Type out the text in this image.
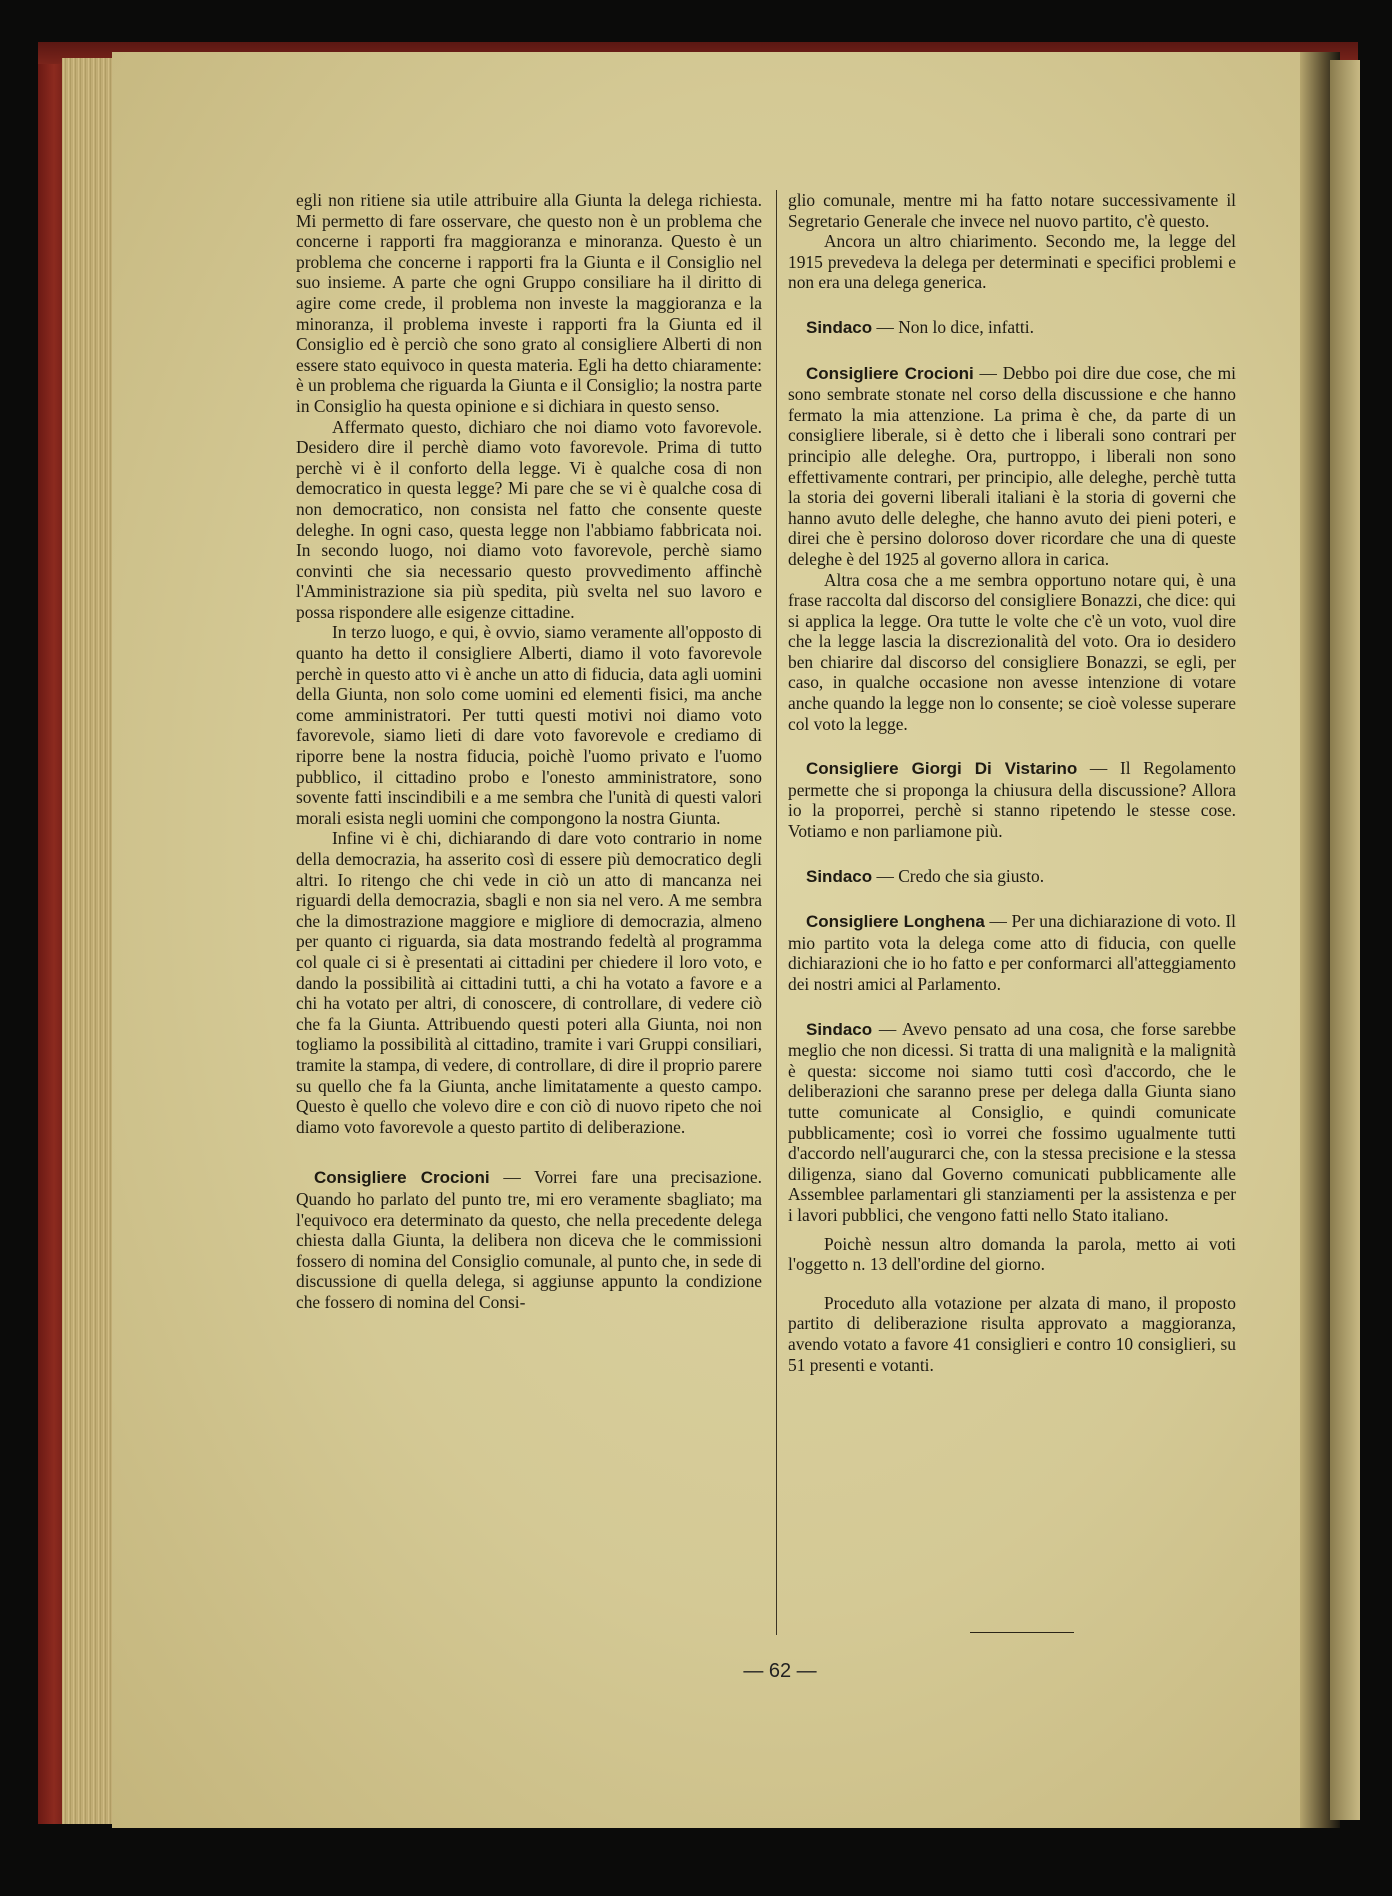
egli non ritiene sia utile attribuire alla Giunta la delega richiesta. Mi permetto di fare osservare, che questo non è un problema che concerne i rapporti fra maggioranza e minoranza. Questo è un problema che concerne i rapporti fra la Giunta e il Consiglio nel suo insieme. A parte che ogni Gruppo consiliare ha il diritto di agire come crede, il problema non investe la maggioranza e la minoranza, il problema investe i rapporti fra la Giunta ed il Consiglio ed è perciò che sono grato al consigliere Alberti di non essere stato equivoco in questa materia. Egli ha detto chiaramente: è un problema che riguarda la Giunta e il Consiglio; la nostra parte in Consiglio ha questa opinione e si dichiara in questo senso.

Affermato questo, dichiaro che noi diamo voto favorevole. Desidero dire il perchè diamo voto favorevole. Prima di tutto perchè vi è il conforto della legge. Vi è qualche cosa di non democratico in questa legge? Mi pare che se vi è qualche cosa di non democratico, non consista nel fatto che consente queste deleghe. In ogni caso, questa legge non l'abbiamo fabbricata noi. In secondo luogo, noi diamo voto favorevole, perchè siamo convinti che sia necessario questo provvedimento affinchè l'Amministrazione sia più spedita, più svelta nel suo lavoro e possa rispondere alle esigenze cittadine.

In terzo luogo, e qui, è ovvio, siamo veramente all'opposto di quanto ha detto il consigliere Alberti, diamo il voto favorevole perchè in questo atto vi è anche un atto di fiducia, data agli uomini della Giunta, non solo come uomini ed elementi fisici, ma anche come amministratori. Per tutti questi motivi noi diamo voto favorevole, siamo lieti di dare voto favorevole e crediamo di riporre bene la nostra fiducia, poichè l'uomo privato e l'uomo pubblico, il cittadino probo e l'onesto amministratore, sono sovente fatti inscindibili e a me sembra che l'unità di questi valori morali esista negli uomini che compongono la nostra Giunta.

Infine vi è chi, dichiarando di dare voto contrario in nome della democrazia, ha asserito così di essere più democratico degli altri. Io ritengo che chi vede in ciò un atto di mancanza nei riguardi della democrazia, sbagli e non sia nel vero. A me sembra che la dimostrazione maggiore e migliore di democrazia, almeno per quanto ci riguarda, sia data mostrando fedeltà al programma col quale ci si è presentati ai cittadini per chiedere il loro voto, e dando la possibilità ai cittadini tutti, a chi ha votato a favore e a chi ha votato per altri, di conoscere, di controllare, di vedere ciò che fa la Giunta. Attribuendo questi poteri alla Giunta, noi non togliamo la possibilità al cittadino, tramite i vari Gruppi consiliari, tramite la stampa, di vedere, di controllare, di dire il proprio parere su quello che fa la Giunta, anche limitatamente a questo campo. Questo è quello che volevo dire e con ciò di nuovo ripeto che noi diamo voto favorevole a questo partito di deliberazione.

Consigliere Crocioni — Vorrei fare una precisazione. Quando ho parlato del punto tre, mi ero veramente sbagliato; ma l'equivoco era determinato da questo, che nella precedente delega chiesta dalla Giunta, la delibera non diceva che le commissioni fossero di nomina del Consiglio comunale, al punto che, in sede di discussione di quella delega, si aggiunse appunto la condizione che fossero di nomina del Consi-

glio comunale, mentre mi ha fatto notare successivamente il Segretario Generale che invece nel nuovo partito, c'è questo.

Ancora un altro chiarimento. Secondo me, la legge del 1915 prevedeva la delega per determinati e specifici problemi e non era una delega generica.

Sindaco — Non lo dice, infatti.

Consigliere Crocioni — Debbo poi dire due cose, che mi sono sembrate stonate nel corso della discussione e che hanno fermato la mia attenzione. La prima è che, da parte di un consigliere liberale, si è detto che i liberali sono contrari per principio alle deleghe. Ora, purtroppo, i liberali non sono effettivamente contrari, per principio, alle deleghe, perchè tutta la storia dei governi liberali italiani è la storia di governi che hanno avuto delle deleghe, che hanno avuto dei pieni poteri, e direi che è persino doloroso dover ricordare che una di queste deleghe è del 1925 al governo allora in carica.

Altra cosa che a me sembra opportuno notare qui, è una frase raccolta dal discorso del consigliere Bonazzi, che dice: qui si applica la legge. Ora tutte le volte che c'è un voto, vuol dire che la legge lascia la discrezionalità del voto. Ora io desidero ben chiarire dal discorso del consigliere Bonazzi, se egli, per caso, in qualche occasione non avesse intenzione di votare anche quando la legge non lo consente; se cioè volesse superare col voto la legge.

Consigliere Giorgi Di Vistarino — Il Regolamento permette che si proponga la chiusura della discussione? Allora io la proporrei, perchè si stanno ripetendo le stesse cose. Votiamo e non parliamone più.

Sindaco — Credo che sia giusto.

Consigliere Longhena — Per una dichiarazione di voto. Il mio partito vota la delega come atto di fiducia, con quelle dichiarazioni che io ho fatto e per conformarci all'atteggiamento dei nostri amici al Parlamento.

Sindaco — Avevo pensato ad una cosa, che forse sarebbe meglio che non dicessi. Si tratta di una malignità e la malignità è questa: siccome noi siamo tutti così d'accordo, che le deliberazioni che saranno prese per delega dalla Giunta siano tutte comunicate al Consiglio, e quindi comunicate pubblicamente; così io vorrei che fossimo ugualmente tutti d'accordo nell'augurarci che, con la stessa precisione e la stessa diligenza, siano dal Governo comunicati pubblicamente alle Assemblee parlamentari gli stanziamenti per la assistenza e per i lavori pubblici, che vengono fatti nello Stato italiano.

Poichè nessun altro domanda la parola, metto ai voti l'oggetto n. 13 dell'ordine del giorno.

Proceduto alla votazione per alzata di mano, il proposto partito di deliberazione risulta approvato a maggioranza, avendo votato a favore 41 consiglieri e contro 10 consiglieri, su 51 presenti e votanti.

— 62 —
